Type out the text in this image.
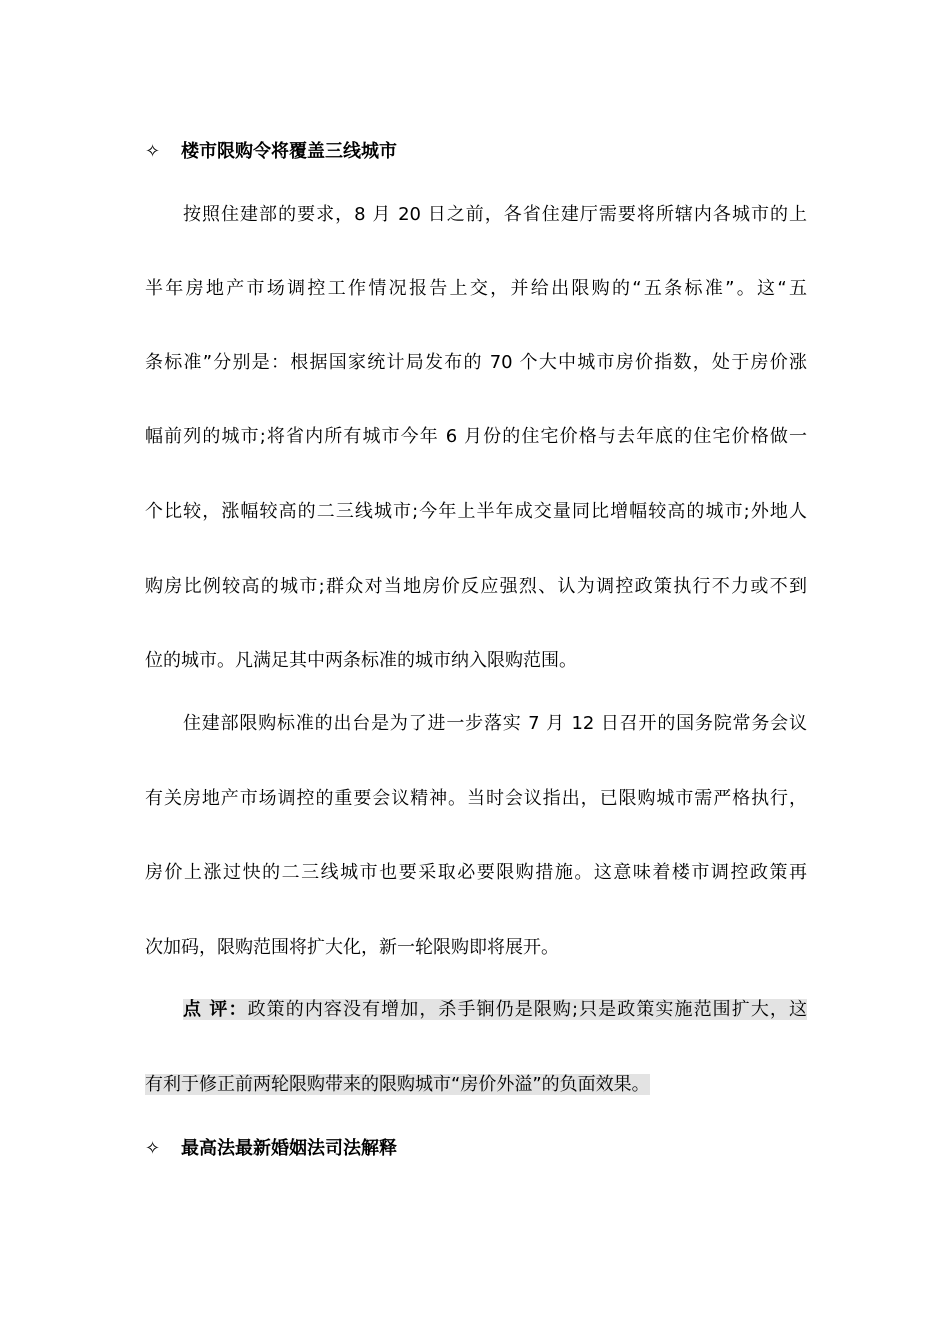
✧ 楼市限购令将覆盖三线城市
按照住建部的要求，8 月 20 日之前，各省住建厅需要将所辖内各城市的上
半年房地产市场调控工作情况报告上交，并给出限购的“五条标准”。这“五
条标准”分别是：根据国家统计局发布的 70 个大中城市房价指数，处于房价涨
幅前列的城市;将省内所有城市今年 6 月份的住宅价格与去年底的住宅价格做一
个比较，涨幅较高的二三线城市;今年上半年成交量同比增幅较高的城市;外地人
购房比例较高的城市;群众对当地房价反应强烈、认为调控政策执行不力或不到
位的城市。凡满足其中两条标准的城市纳入限购范围。
住建部限购标准的出台是为了进一步落实 7 月 12 日召开的国务院常务会议
有关房地产市场调控的重要会议精神。当时会议指出，已限购城市需严格执行，
房价上涨过快的二三线城市也要采取必要限购措施。这意味着楼市调控政策再
次加码，限购范围将扩大化，新一轮限购即将展开。
点 评：政策的内容没有增加，杀手锏仍是限购;只是政策实施范围扩大，这
有利于修正前两轮限购带来的限购城市“房价外溢”的负面效果。
✧ 最高法最新婚姻法司法解释
